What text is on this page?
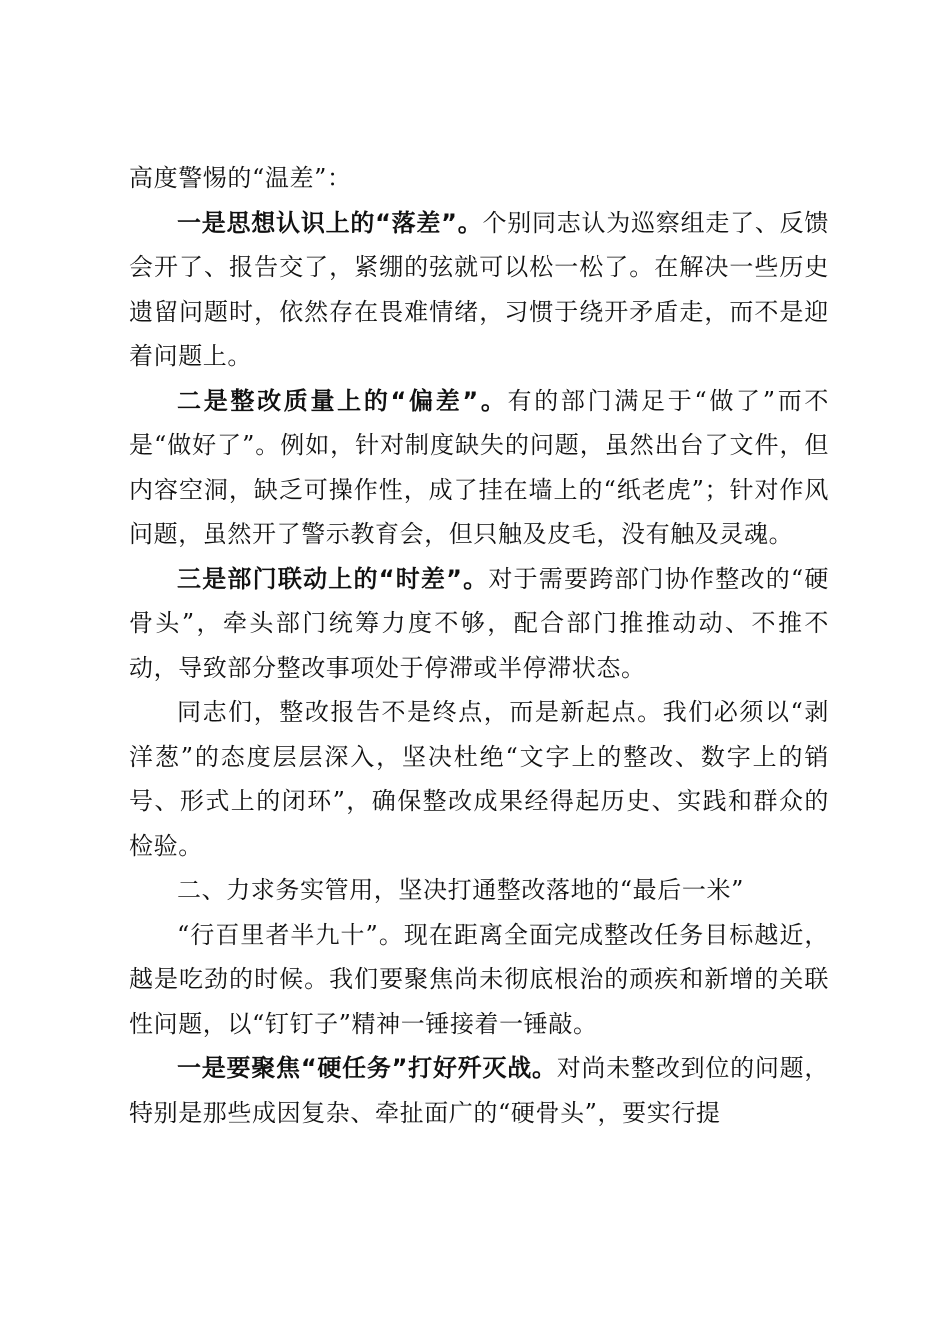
高度警惕的“温差”：

一是思想认识上的“落差”。个别同志认为巡察组走了、反馈会开了、报告交了，紧绷的弦就可以松一松了。在解决一些历史遗留问题时，依然存在畏难情绪，习惯于绕开矛盾走，而不是迎着问题上。

二是整改质量上的“偏差”。有的部门满足于“做了”而不是“做好了”。例如，针对制度缺失的问题，虽然出台了文件，但内容空洞，缺乏可操作性，成了挂在墙上的“纸老虎”；针对作风问题，虽然开了警示教育会，但只触及皮毛，没有触及灵魂。

三是部门联动上的“时差”。对于需要跨部门协作整改的“硬骨头”，牵头部门统筹力度不够，配合部门推推动动、不推不动，导致部分整改事项处于停滞或半停滞状态。

同志们，整改报告不是终点，而是新起点。我们必须以“剥洋葱”的态度层层深入，坚决杜绝“文字上的整改、数字上的销号、形式上的闭环”，确保整改成果经得起历史、实践和群众的检验。

二、力求务实管用，坚决打通整改落地的“最后一米”

“行百里者半九十”。现在距离全面完成整改任务目标越近，越是吃劲的时候。我们要聚焦尚未彻底根治的顽疾和新增的关联性问题，以“钉钉子”精神一锤接着一锤敲。

一是要聚焦“硬任务”打好歼灭战。对尚未整改到位的问题，特别是那些成因复杂、牵扯面广的“硬骨头”，要实行提
